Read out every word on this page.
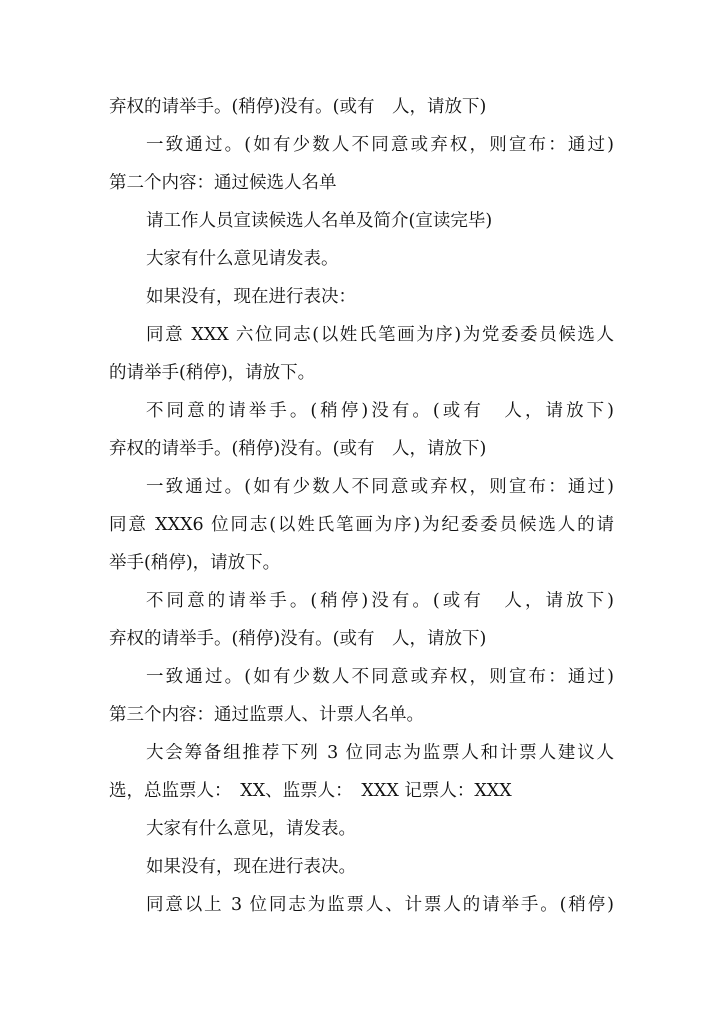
弃权的请举手。(稍停)没有。(或有　人，请放下)
一致通过。(如有少数人不同意或弃权，则宣布：通过)
第二个内容：通过候选人名单
请工作人员宣读候选人名单及简介(宣读完毕)
大家有什么意见请发表。
如果没有，现在进行表决：
同意 XXX 六位同志(以姓氏笔画为序)为党委委员候选人
的请举手(稍停)，请放下。
不同意的请举手。(稍停)没有。(或有　人，请放下)
弃权的请举手。(稍停)没有。(或有　人，请放下)
一致通过。(如有少数人不同意或弃权，则宣布：通过)
同意 XXX6 位同志(以姓氏笔画为序)为纪委委员候选人的请
举手(稍停)，请放下。
不同意的请举手。(稍停)没有。(或有　人，请放下)
弃权的请举手。(稍停)没有。(或有　人，请放下)
一致通过。(如有少数人不同意或弃权，则宣布：通过)
第三个内容：通过监票人、计票人名单。
大会筹备组推荐下列 3 位同志为监票人和计票人建议人
选，总监票人：　XX、监票人：　XXX 记票人：XXX
大家有什么意见，请发表。
如果没有，现在进行表决。
同意以上 3 位同志为监票人、计票人的请举手。(稍停)
